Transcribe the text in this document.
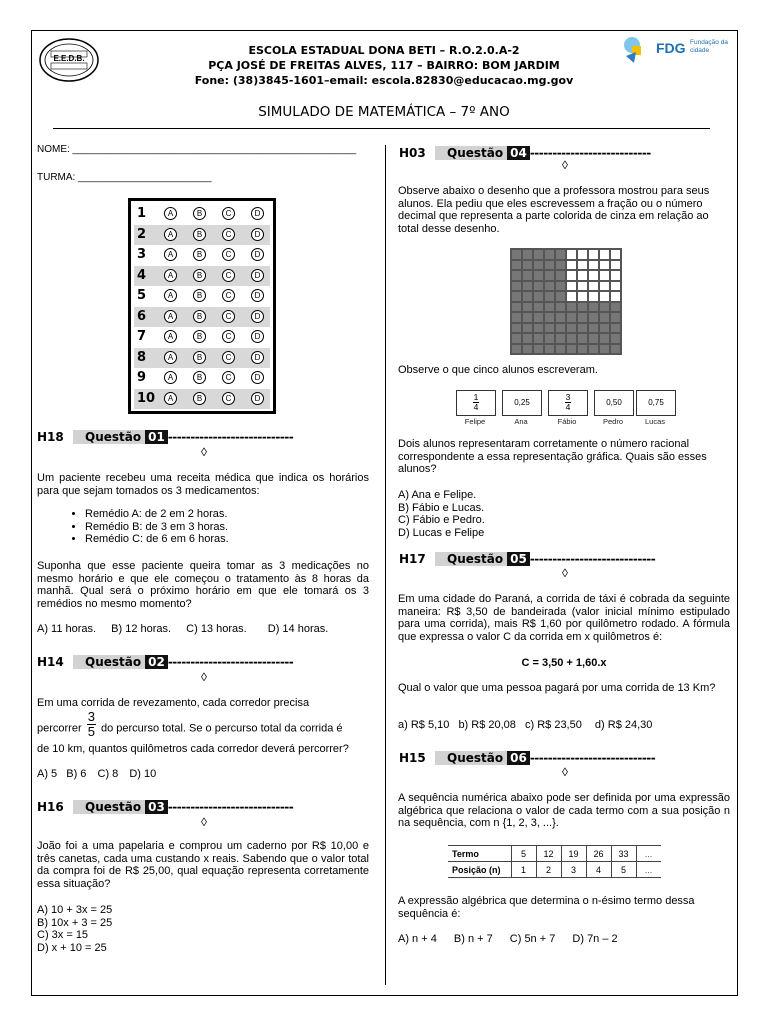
E.E.D.B.
ESCOLA ESTADUAL DONA BETI – R.O.2.0.A-2
PÇA JOSÉ DE FREITAS ALVES, 117 – BAIRRO: BOM JARDIM
Fone: (38)3845-1601–email: escola.82830@educacao.mg.gov
FDG Fundação da cidade
SIMULADO DE MATEMÁTICA – 7º ANO
NOME: ___________________________________________________
TURMA: ________________________
1	A	B	C	D
2	A	B	C	D
3	A	B	C	D
4	A	B	C	D
5	A	B	C	D
6	A	B	C	D
7	A	B	C	D
8	A	B	C	D
9	A	B	C	D
10	A	B	C	D
H18 Questão 01 ----------------------------
◊
Um paciente recebeu uma receita médica que indica os horários para que sejam tomados os 3 medicamentos:
• Remédio A: de 2 em 2 horas.
• Remédio B: de 3 em 3 horas.
• Remédio C: de 6 em 6 horas.
Suponha que esse paciente queira tomar as 3 medicações no mesmo horário e que ele começou o tratamento às 8 horas da manhã. Qual será o próximo horário em que ele tomará os 3 remédios no mesmo momento?
A) 11 horas. B) 12 horas. C) 13 horas. D) 14 horas.
H14 Questão 02 ----------------------------
◊
Em uma corrida de revezamento, cada corredor precisa
percorrer $\frac{3}{5}$ do percurso total. Se o percurso total da corrida é
de 10 km, quantos quilômetros cada corredor deverá percorrer?
A) 5 B) 6 C) 8 D) 10
H16 Questão 03 ----------------------------
◊
João foi a uma papelaria e comprou um caderno por R$ 10,00 e três canetas, cada uma custando x reais. Sabendo que o valor total da compra foi de R$ 25,00, qual equação representa corretamente essa situação?
A) 10 + 3x = 25
B) 10x + 3 = 25
C) 3x = 15
D) x + 10 = 25
H03 Questão 04 ---------------------------
◊
Observe abaixo o desenho que a professora mostrou para seus alunos. Ela pediu que eles escrevessem a fração ou o número decimal que representa a parte colorida de cinza em relação ao total desse desenho.
Observe o que cinco alunos escreveram.
$\frac{1}{4}$	0,25	$\frac{3}{4}$	0,50	0,75
Felipe	Ana	Fábio	Pedro	Lucas
Dois alunos representaram corretamente o número racional correspondente a essa representação gráfica. Quais são esses alunos?
A) Ana e Felipe.
B) Fábio e Lucas.
C) Fábio e Pedro.
D) Lucas e Felipe
H17 Questão 05 ----------------------------
◊
Em uma cidade do Paraná, a corrida de táxi é cobrada da seguinte maneira: R$ 3,50 de bandeirada (valor inicial mínimo estipulado para uma corrida), mais R$ 1,60 por quilômetro rodado. A fórmula que expressa o valor C da corrida em x quilômetros é:
C = 3,50 + 1,60.x
Qual o valor que uma pessoa pagará por uma corrida de 13 Km?
a) R$ 5,10 b) R$ 20,08 c) R$ 23,50 d) R$ 24,30
H15 Questão 06 ----------------------------
◊
A sequência numérica abaixo pode ser definida por uma expressão algébrica que relaciona o valor de cada termo com a sua posição n na sequência, com n {1, 2, 3, ...}.
Termo	5	12	19	26	33	...
Posição (n)	1	2	3	4	5	...
A expressão algébrica que determina o n-ésimo termo dessa sequência é:
A) n + 4 B) n + 7 C) 5n + 7 D) 7n – 2
